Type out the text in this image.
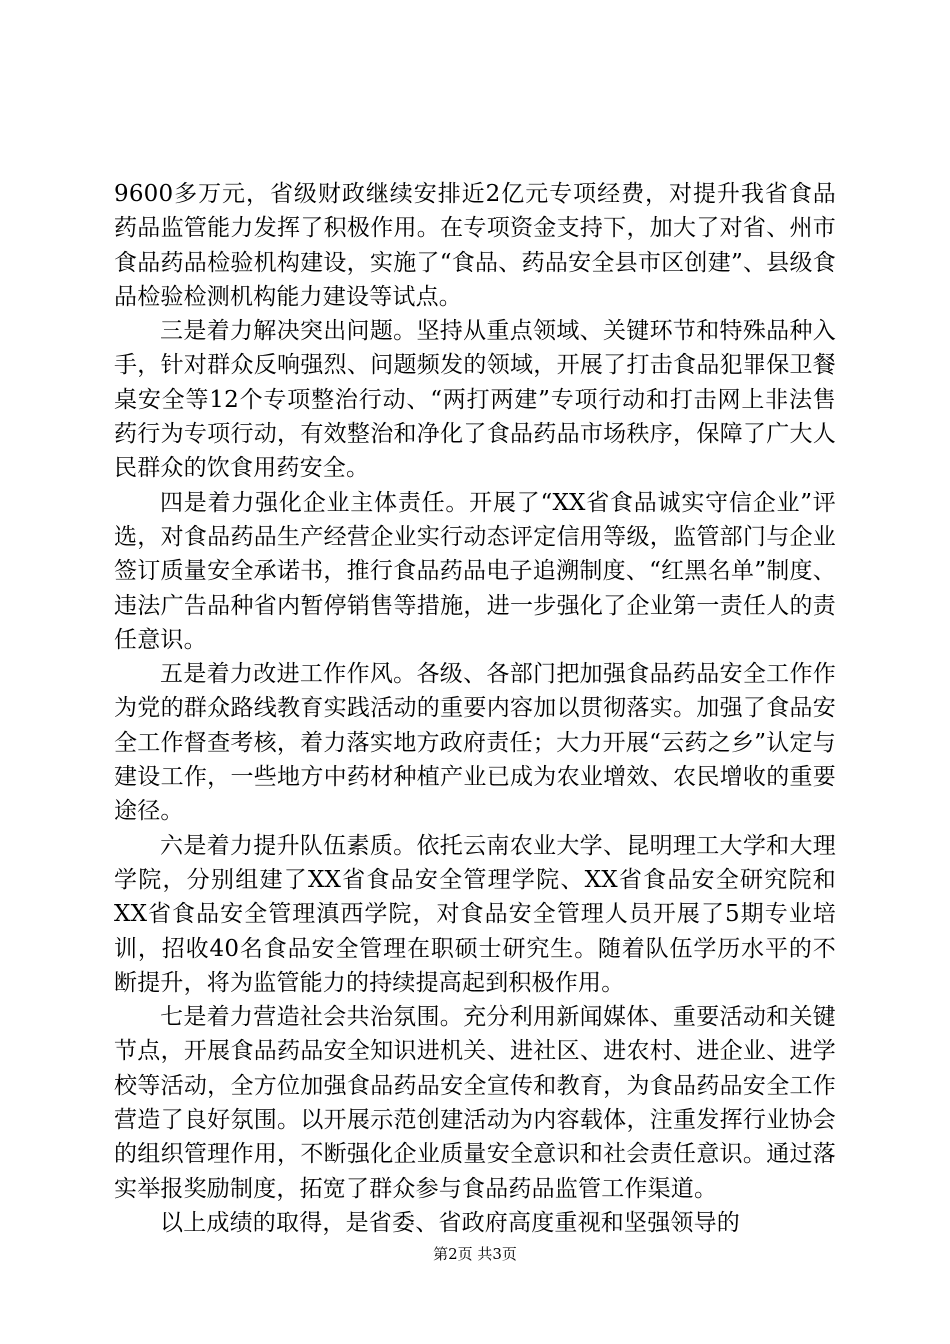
9600多万元，省级财政继续安排近2亿元专项经费，对提升我省食品药品监管能力发挥了积极作用。在专项资金支持下，加大了对省、州市食品药品检验机构建设，实施了“食品、药品安全县市区创建”、县级食品检验检测机构能力建设等试点。

三是着力解决突出问题。坚持从重点领域、关键环节和特殊品种入手，针对群众反响强烈、问题频发的领域，开展了打击食品犯罪保卫餐桌安全等12个专项整治行动、“两打两建”专项行动和打击网上非法售药行为专项行动，有效整治和净化了食品药品市场秩序，保障了广大人民群众的饮食用药安全。

四是着力强化企业主体责任。开展了“XX省食品诚实守信企业”评选，对食品药品生产经营企业实行动态评定信用等级，监管部门与企业签订质量安全承诺书，推行食品药品电子追溯制度、“红黑名单”制度、违法广告品种省内暂停销售等措施，进一步强化了企业第一责任人的责任意识。

五是着力改进工作作风。各级、各部门把加强食品药品安全工作作为党的群众路线教育实践活动的重要内容加以贯彻落实。加强了食品安全工作督查考核，着力落实地方政府责任；大力开展“云药之乡”认定与建设工作，一些地方中药材种植产业已成为农业增效、农民增收的重要途径。

六是着力提升队伍素质。依托云南农业大学、昆明理工大学和大理学院，分别组建了XX省食品安全管理学院、XX省食品安全研究院和XX省食品安全管理滇西学院，对食品安全管理人员开展了5期专业培训，招收40名食品安全管理在职硕士研究生。随着队伍学历水平的不断提升，将为监管能力的持续提高起到积极作用。

七是着力营造社会共治氛围。充分利用新闻媒体、重要活动和关键节点，开展食品药品安全知识进机关、进社区、进农村、进企业、进学校等活动，全方位加强食品药品安全宣传和教育，为食品药品安全工作营造了良好氛围。以开展示范创建活动为内容载体，注重发挥行业协会的组织管理作用，不断强化企业质量安全意识和社会责任意识。通过落实举报奖励制度，拓宽了群众参与食品药品监管工作渠道。

以上成绩的取得，是省委、省政府高度重视和坚强领导的

第2页 共3页
